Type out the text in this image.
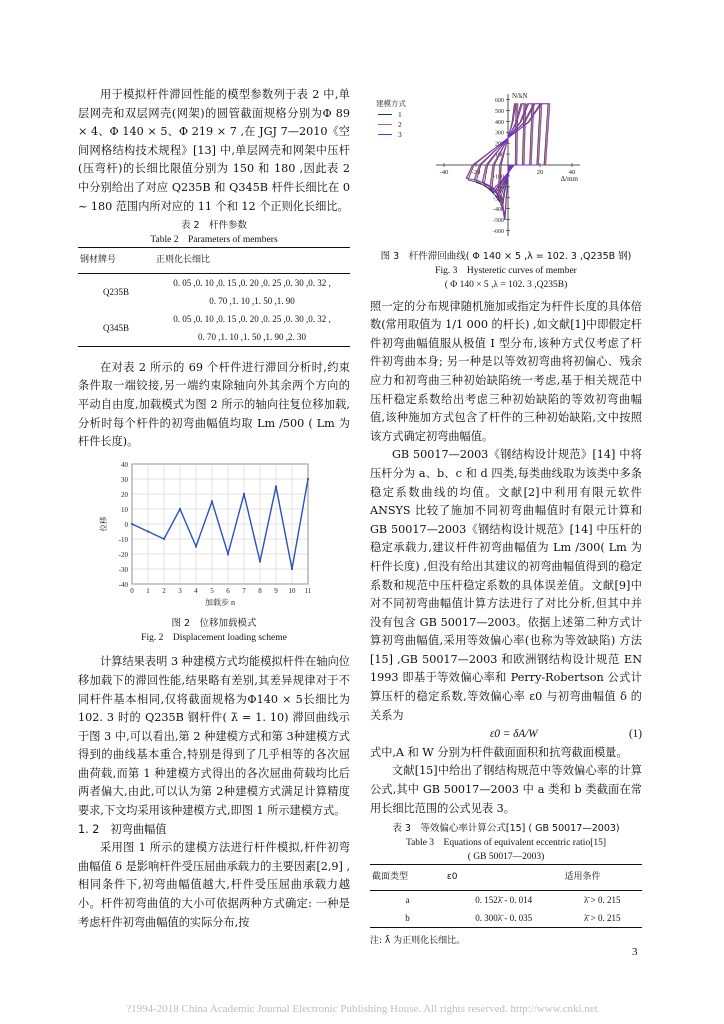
用于模拟杆件滞回性能的模型参数列于表 2 中,单层网壳和双层网壳(网架)的圆管截面规格分别为Φ 89 × 4、Φ 140 × 5、Φ 219 × 7 ,在 JGJ 7—2010《空间网格结构技术规程》[13] 中,单层网壳和网架中压杆(压弯杆)的长细比限值分别为 150 和 180 ,因此表 2 中分别给出了对应 Q235B 和 Q345B 杆件长细比在 0 ~ 180 范围内所对应的 11 个和 12 个正则化长细比。

表 2　杆件参数
Table 2　Parameters of members
钢材牌号	正则化长细比
Q235B	0. 05 ,0. 10 ,0. 15 ,0. 20 ,0. 25 ,0. 30 ,0. 32 ,
	0. 70 ,1. 10 ,1. 50 ,1. 90
Q345B	0. 05 ,0. 10 ,0. 15 ,0. 20 ,0. 25 ,0. 30 ,0. 32 ,
	0. 70 ,1. 10 ,1. 50 ,1. 90 ,2. 30

在对表 2 所示的 69 个杆件进行滞回分析时,约束条件取一端铰接,另一端约束除轴向外其余两个方向的平动自由度,加载模式为图 2 所示的轴向往复位移加载,分析时每个杆件的初弯曲幅值均取 Lm /500 ( Lm 为杆件长度)。

-40
-30
-20
-10
0
10
20
30
40
0 1 2 3 4 5 6 7 8 9 10 11
位移
加载步 n
图 2　位移加载模式
Fig. 2　Displacement loading scheme

计算结果表明 3 种建模方式均能模拟杆件在轴向位移加载下的滞回性能,结果略有差别,其差异规律对于不同杆件基本相同,仅将截面规格为Φ140 × 5长细比为 102. 3 时的 Q235B 钢杆件( λ̄ = 1. 10) 滞回曲线示于图 3 中,可以看出,第 2 种建模方式和第 3种建模方式得到的曲线基本重合,特别是得到了几乎相等的各次屈曲荷载,而第 1 种建模方式得出的各次屈曲荷载均比后两者偏大,由此,可以认为第 2种建模方式满足计算精度要求,下文均采用该种建模方式,即图 1 所示建模方式。

1. 2　初弯曲幅值

采用图 1 所示的建模方法进行杆件模拟,杆件初弯曲幅值 δ 是影响杆件受压屈曲承载力的主要因素[2,9] ,相同条件下,初弯曲幅值越大,杆件受压屈曲承载力越小。杆件初弯曲值的大小可依据两种方式确定: 一种是考虑杆件初弯曲幅值的实际分布,按

-600
-500
-400
-300
-200
-100
100
200
300
400
500
600
-40	-20	20	40
N/kN
Δ/mm
建模方式
1
2
3
图 3　杆件滞回曲线( Φ 140 × 5 ,λ = 102. 3 ,Q235B 钢)
Fig. 3　Hysteretic curves of member
( Φ 140 × 5 ,λ = 102. 3 ,Q235B)

照一定的分布规律随机施加或指定为杆件长度的具体倍数(常用取值为 1/1 000 的杆长) ,如文献[1]中即假定杆件初弯曲幅值服从极值 I 型分布,该种方式仅考虑了杆件初弯曲本身; 另一种是以等效初弯曲将初偏心、残余应力和初弯曲三种初始缺陷统一考虑,基于相关规范中压杆稳定系数给出考虑三种初始缺陷的等效初弯曲幅值,该种施加方式包含了杆件的三种初始缺陷,文中按照该方式确定初弯曲幅值。

GB 50017—2003《钢结构设计规范》[14] 中将压杆分为 a、b、c 和 d 四类,每类曲线取为该类中多条稳定系数曲线的均值。文献[2]中利用有限元软件 ANSYS 比较了施加不同初弯曲幅值时有限元计算和 GB 50017—2003《钢结构设计规范》[14] 中压杆的稳定承载力,建议杆件初弯曲幅值为 Lm /300( Lm 为杆件长度) ,但没有给出其建议的初弯曲幅值得到的稳定系数和规范中压杆稳定系数的具体误差值。文献[9]中对不同初弯曲幅值计算方法进行了对比分析,但其中并没有包含 GB 50017—2003。依据上述第二种方式计算初弯曲幅值,采用等效偏心率(也称为等效缺陷) 方法[15] ,GB 50017—2003 和欧洲钢结构设计规范 EN 1993 即基于等效偏心率和 Perry-Robertson 公式计算压杆的稳定系数,等效偏心率 ε0 与初弯曲幅值 δ 的关系为

ε0 = δA/W	(1)

式中,A 和 W 分别为杆件截面面积和抗弯截面模量。

文献[15]中给出了钢结构规范中等效偏心率的计算公式,其中 GB 50017—2003 中 a 类和 b 类截面在常用长细比范围的公式见表 3。

表 3　等效偏心率计算公式[15] ( GB 50017—2003)
Table 3　Equations of equivalent eccentric ratio[15]
( GB 50017—2003)
截面类型	ε0	适用条件
a	0. 152λ̄ - 0. 014	λ̄ > 0. 215
b	0. 300λ̄ - 0. 035	λ̄ > 0. 215
注: λ̄ 为正则化长细比。
3
?1994-2018 China Academic Journal Electronic Publishing House. All rights reserved. http://www.cnki.net
